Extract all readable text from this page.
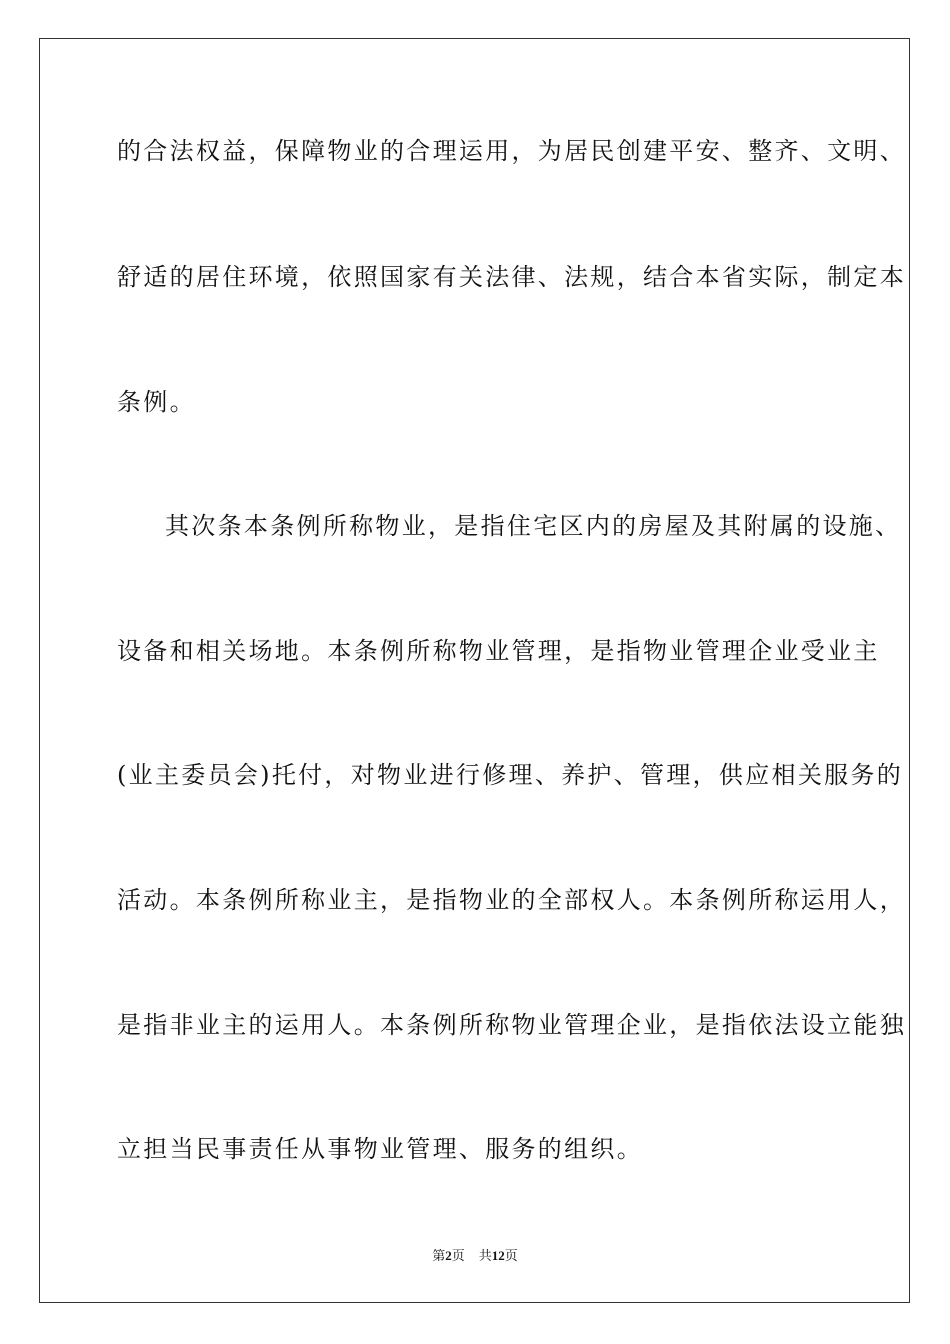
的合法权益，保障物业的合理运用，为居民创建平安、整齐、文明、
舒适的居住环境，依照国家有关法律、法规，结合本省实际，制定本
条例。
其次条本条例所称物业，是指住宅区内的房屋及其附属的设施、
设备和相关场地。本条例所称物业管理，是指物业管理企业受业主
(业主委员会)托付，对物业进行修理、养护、管理，供应相关服务的
活动。本条例所称业主，是指物业的全部权人。本条例所称运用人，
是指非业主的运用人。本条例所称物业管理企业，是指依法设立能独
立担当民事责任从事物业管理、服务的组织。
第2页 共12页
